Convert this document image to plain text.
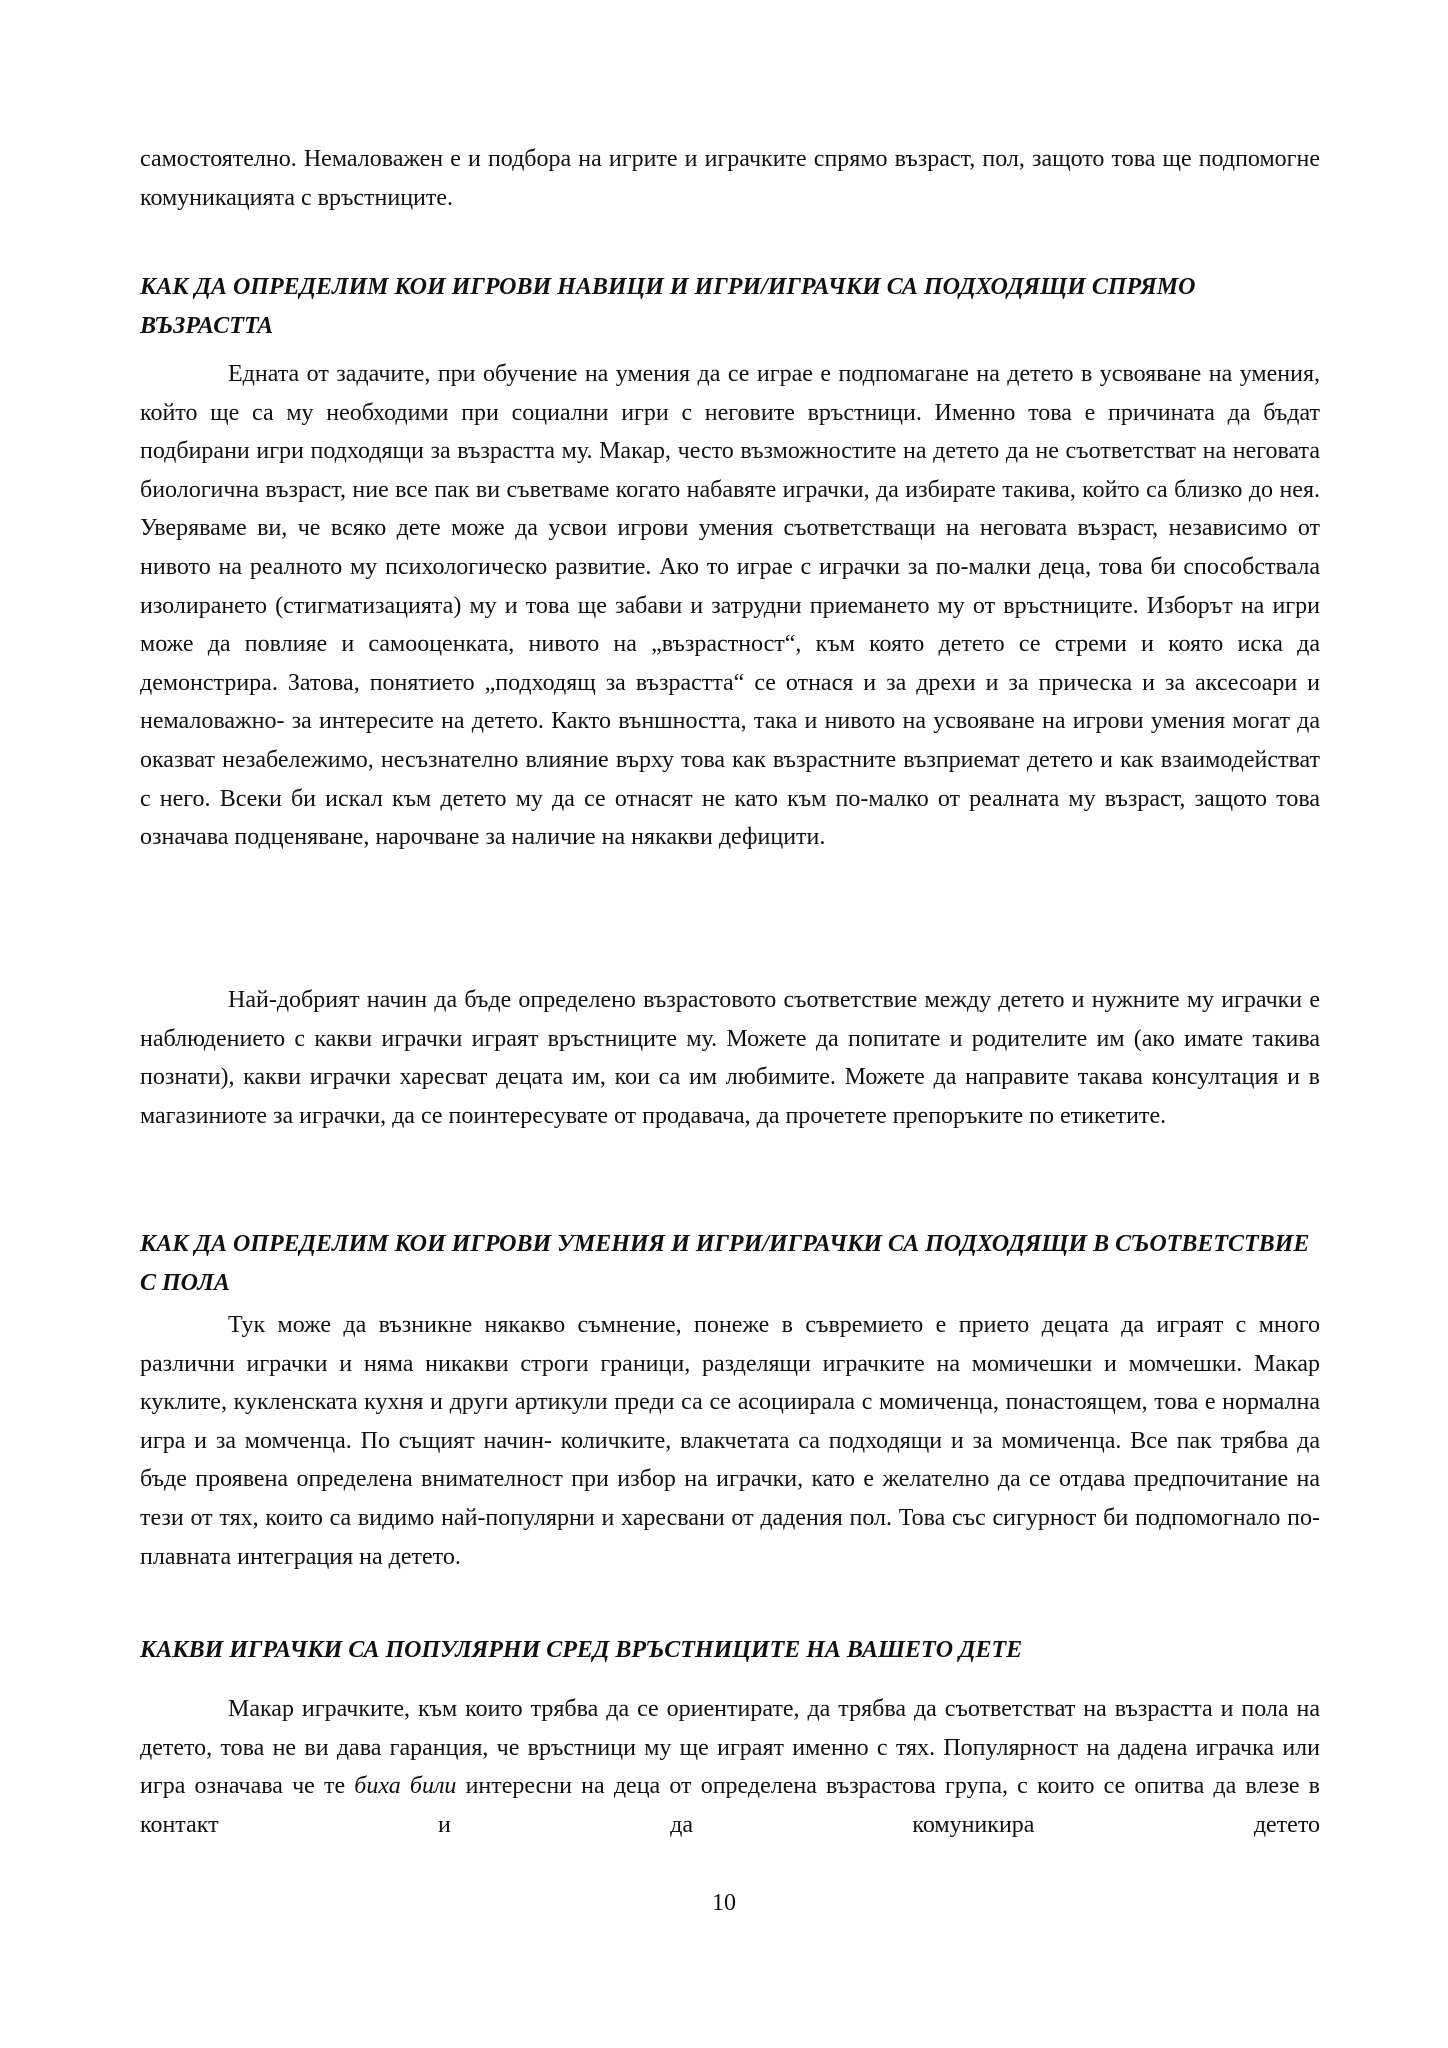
самостоятелно. Немаловажен е и подбора на игрите и играчките спрямо възраст, пол, защото това ще подпомогне комуникацията с връстниците.
КАК ДА ОПРЕДЕЛИМ КОИ ИГРОВИ НАВИЦИ И ИГРИ/ИГРАЧКИ СА ПОДХОДЯЩИ СПРЯМО ВЪЗРАСТТА
Едната от задачите, при обучение на умения да се играе е подпомагане на детето в усвояване на умения, който ще са му необходими при социални игри с неговите връстници. Именно това е причината да бъдат подбирани игри подходящи за възрастта му. Макар, често възможностите на детето да не съответстват на неговата биологична възраст, ние все пак ви съветваме когато набавяте играчки, да избирате такива, който са близко до нея. Уверяваме ви, че всяко дете може да усвои игрови умения съответстващи на неговата възраст, независимо от нивото на реалното му психологическо развитие. Ако то играе с играчки за по-малки деца, това би способствала изолирането (стигматизацията) му и това ще забави и затрудни приемането му от връстниците. Изборът на игри може да повлияе и самооценката, нивото на „възрастност“, към която детето се стреми и която иска да демонстрира. Затова, понятието „подходящ за възрастта“ се отнася и за дрехи и за прическа и за аксесоари и немаловажно- за интересите на детето. Както външността, така и нивото на усвояване на игрови умения могат да оказват незабележимо, несъзнателно влияние върху това как възрастните възприемат детето и как взаимодействат с него. Всеки би искал към детето му да се отнасят не като към по-малко от реалната му възраст, защото това означава подценяване, нарочване за наличие на някакви дефицити.
Най-добрият начин да бъде определено възрастовото съответствие между детето и нужните му играчки е наблюдението с какви играчки играят връстниците му. Можете да попитате и родителите им (ако имате такива познати), какви играчки харесват децата им, кои са им любимите. Можете да направите такава консултация и в магазиниоте за играчки, да се поинтересувате от продавача, да прочетете препоръките по етикетите.
КАК ДА ОПРЕДЕЛИМ КОИ ИГРОВИ УМЕНИЯ И ИГРИ/ИГРАЧКИ СА ПОДХОДЯЩИ В СЪОТВЕТСТВИЕ С ПОЛА
Тук може да възникне някакво съмнение, понеже в съвремието е прието децата да играят с много различни играчки и няма никакви строги граници, разделящи играчките на момичешки и момчешки. Макар куклите, кукленската кухня и други артикули преди са се асоциирала с момиченца, понастоящем, това е нормална игра и за момченца. По същият начин- количките, влакчетата са подходящи и за момиченца. Все пак трябва да бъде проявена определена внимателност при избор на играчки, като е желателно да се отдава предпочитание на тези от тях, които са видимо най-популярни и харесвани от дадения пол. Това със сигурност би подпомогнало по-плавната интеграция на детето.
КАКВИ ИГРАЧКИ СА ПОПУЛЯРНИ СРЕД ВРЪСТНИЦИТЕ НА ВАШЕТО ДЕТЕ
Макар играчките, към които трябва да се ориентирате, да трябва да съответстват на възрастта и пола на детето, това не ви дава гаранция, че връстници му ще играят именно с тях. Популярност на дадена играчка или игра означава че те биха били интересни на деца от определена възрастова група, с които се опитва да влезе в контакт и да комуникира детето
10
